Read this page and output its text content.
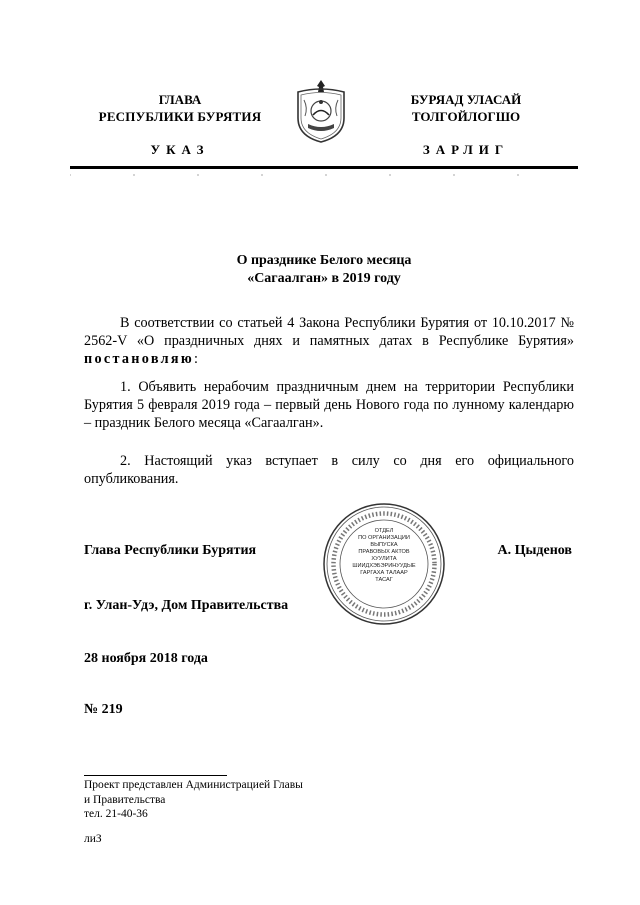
ГЛАВА
РЕСПУБЛИКИ БУРЯТИЯ
БУРЯАД УЛАСАЙ
ТОЛГОЙЛОГШО
УКАЗ	ЗАРЛИГ
О празднике Белого месяца
«Сагаалган» в 2019 году
В соответствии со статьей 4 Закона Республики Бурятия от 10.10.2017 № 2562-V «О праздничных днях и памятных датах в Республике Бурятия» постановляю:
1. Объявить нерабочим праздничным днем на территории Республики Бурятия 5 февраля 2019 года – первый день Нового года по лунному календарю – праздник Белого месяца «Сагаалган».
2. Настоящий указ вступает в силу со дня его официального опубликования.
ОТДЕЛ
ПО ОРГАНИЗАЦИИ
ВЫПУСКА
ПРАВОВЫХ АКТОВ
ХУУЛИТА
ШИИДХЭБЭРИНУУДЫЕ
ГАРГАХА ТАЛААР
ТАСАГ
Глава Республики Бурятия	А. Цыденов
г. Улан-Удэ, Дом Правительства
28 ноября 2018 года
№ 219
Проект представлен Администрацией Главы
и Правительства
тел. 21-40-36
лиЗ
